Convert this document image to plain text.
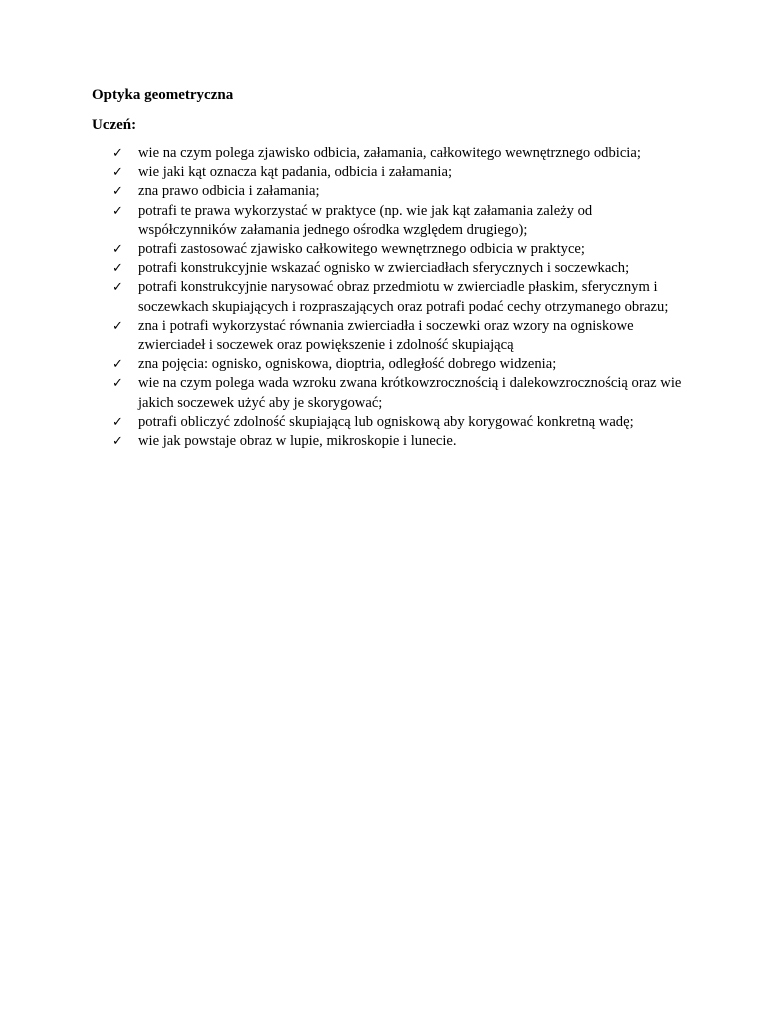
Optyka geometryczna

Uczeń:

✓ wie na czym polega zjawisko odbicia, załamania, całkowitego wewnętrznego odbicia;
✓ wie jaki kąt oznacza kąt padania, odbicia i załamania;
✓ zna prawo odbicia i załamania;
✓ potrafi te prawa wykorzystać w praktyce (np. wie jak kąt załamania zależy od współczynników załamania jednego ośrodka względem drugiego);
✓ potrafi zastosować zjawisko całkowitego wewnętrznego odbicia w praktyce;
✓ potrafi konstrukcyjnie wskazać ognisko w zwierciadłach sferycznych i soczewkach;
✓ potrafi konstrukcyjnie narysować obraz przedmiotu w zwierciadle płaskim, sferycznym i soczewkach skupiających i rozpraszających oraz potrafi podać cechy otrzymanego obrazu;
✓ zna i potrafi wykorzystać równania zwierciadła i soczewki oraz wzory na ogniskowe zwierciadeł i soczewek oraz powiększenie i zdolność skupiającą
✓ zna pojęcia: ognisko, ogniskowa, dioptria, odległość dobrego widzenia;
✓ wie na czym polega wada wzroku zwana krótkowzrocznością i dalekowzrocznością oraz wie jakich soczewek użyć aby je skorygować;
✓ potrafi obliczyć zdolność skupiającą lub ogniskową aby korygować konkretną wadę;
✓ wie jak powstaje obraz w lupie, mikroskopie i lunecie.
